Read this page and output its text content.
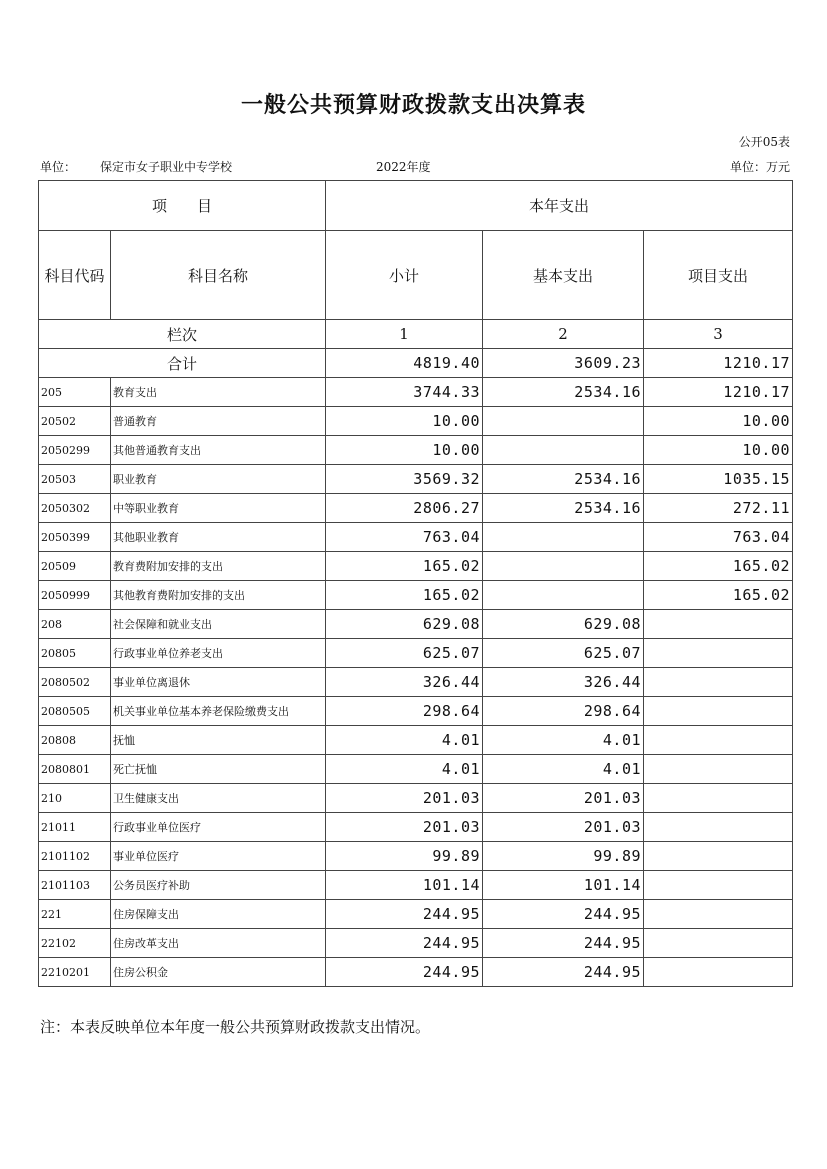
一般公共预算财政拨款支出决算表
公开05表
单位： 保定市女子职业中专学校	2022年度	单位：万元
项　　目		本年支出		
科目代码	科目名称	小计	基本支出	项目支出
栏次		1	2	3
合计		4819.40	3609.23	1210.17
205	教育支出	3744.33	2534.16	1210.17
20502	普通教育	10.00		10.00
2050299	其他普通教育支出	10.00		10.00
20503	职业教育	3569.32	2534.16	1035.15
2050302	中等职业教育	2806.27	2534.16	272.11
2050399	其他职业教育	763.04		763.04
20509	教育费附加安排的支出	165.02		165.02
2050999	其他教育费附加安排的支出	165.02		165.02
208	社会保障和就业支出	629.08	629.08	
20805	行政事业单位养老支出	625.07	625.07	
2080502	事业单位离退休	326.44	326.44	
2080505	机关事业单位基本养老保险缴费支出	298.64	298.64	
20808	抚恤	4.01	4.01	
2080801	死亡抚恤	4.01	4.01	
210	卫生健康支出	201.03	201.03	
21011	行政事业单位医疗	201.03	201.03	
2101102	事业单位医疗	99.89	99.89	
2101103	公务员医疗补助	101.14	101.14	
221	住房保障支出	244.95	244.95	
22102	住房改革支出	244.95	244.95	
2210201	住房公积金	244.95	244.95	
注：本表反映单位本年度一般公共预算财政拨款支出情况。
